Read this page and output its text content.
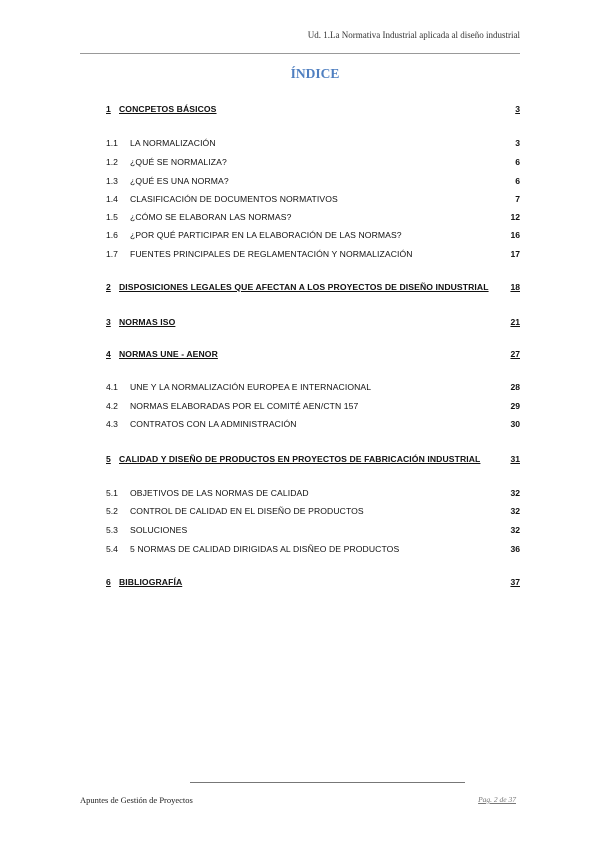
Ud. 1.La Normativa Industrial aplicada al diseño industrial
ÍNDICE
1 CONCPETOS BÁSICOS	3
1.1	LA NORMALIZACIÓN	3
1.2	¿QUÉ SE NORMALIZA?	6
1.3	¿QUÉ ES UNA NORMA?	6
1.4	CLASIFICACIÓN DE DOCUMENTOS NORMATIVOS	7
1.5	¿CÓMO SE ELABORAN LAS NORMAS?	12
1.6	¿POR QUÉ PARTICIPAR EN LA ELABORACIÓN DE LAS NORMAS?	16
1.7	FUENTES PRINCIPALES DE REGLAMENTACIÓN Y NORMALIZACIÓN	17
2 DISPOSICIONES LEGALES QUE AFECTAN A LOS PROYECTOS DE DISEÑO INDUSTRIAL	18
3 NORMAS ISO	21
4 NORMAS UNE - AENOR	27
4.1	UNE Y LA NORMALIZACIÓN EUROPEA E INTERNACIONAL	28
4.2	NORMAS ELABORADAS POR EL COMITÉ AEN/CTN 157	29
4.3	CONTRATOS CON LA ADMINISTRACIÓN	30
5 CALIDAD Y DISEÑO DE PRODUCTOS EN PROYECTOS DE FABRICACIÓN INDUSTRIAL	31
5.1	OBJETIVOS DE LAS NORMAS DE CALIDAD	32
5.2	CONTROL DE CALIDAD EN EL DISEÑO DE PRODUCTOS	32
5.3	SOLUCIONES	32
5.4	5 NORMAS DE CALIDAD DIRIGIDAS AL DISÑEO DE PRODUCTOS	36
6 BIBLIOGRAFÍA	37
Apuntes de Gestión de Proyectos	Pag. 2 de 37
